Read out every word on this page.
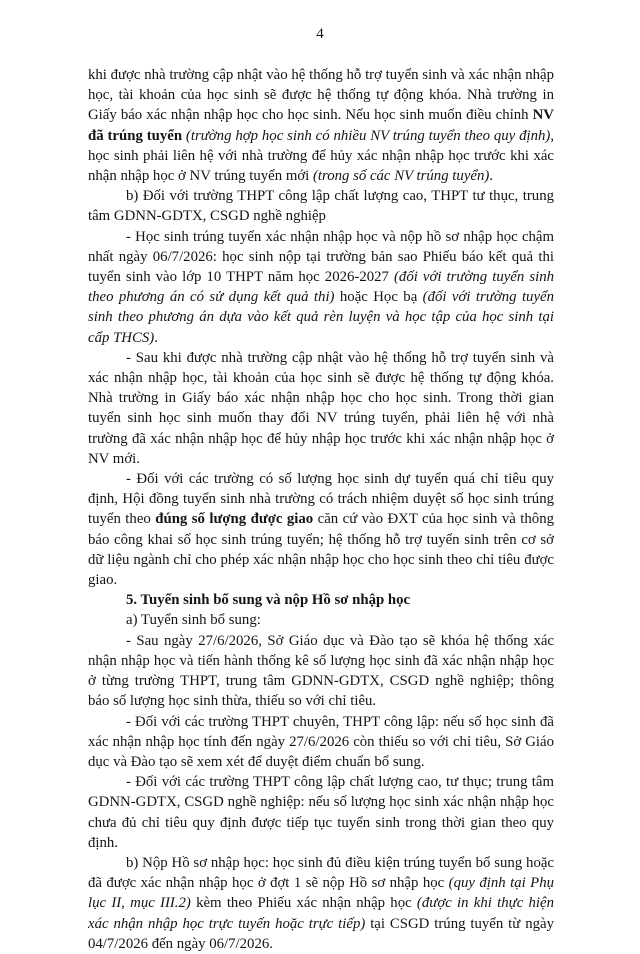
4

khi được nhà trường cập nhật vào hệ thống hỗ trợ tuyển sinh và xác nhận nhập học, tài khoản của học sinh sẽ được hệ thống tự động khóa. Nhà trường in Giấy báo xác nhận nhập học cho học sinh. Nếu học sinh muốn điều chỉnh NV đã trúng tuyển (trường hợp học sinh có nhiều NV trúng tuyển theo quy định), học sinh phải liên hệ với nhà trường để hủy xác nhận nhập học trước khi xác nhận nhập học ở NV trúng tuyển mới (trong số các NV trúng tuyển).

b) Đối với trường THPT công lập chất lượng cao, THPT tư thục, trung tâm GDNN-GDTX, CSGD nghề nghiệp

- Học sinh trúng tuyển xác nhận nhập học và nộp hồ sơ nhập học chậm nhất ngày 06/7/2026: học sinh nộp tại trường bản sao Phiếu báo kết quả thi tuyển sinh vào lớp 10 THPT năm học 2026-2027 (đối với trường tuyển sinh theo phương án có sử dụng kết quả thi) hoặc Học bạ (đối với trường tuyển sinh theo phương án dựa vào kết quả rèn luyện và học tập của học sinh tại cấp THCS).

- Sau khi được nhà trường cập nhật vào hệ thống hỗ trợ tuyển sinh và xác nhận nhập học, tài khoản của học sinh sẽ được hệ thống tự động khóa. Nhà trường in Giấy báo xác nhận nhập học cho học sinh. Trong thời gian tuyển sinh học sinh muốn thay đổi NV trúng tuyển, phải liên hệ với nhà trường đã xác nhận nhập học để hủy nhập học trước khi xác nhận nhập học ở NV mới.

- Đối với các trường có số lượng học sinh dự tuyển quá chỉ tiêu quy định, Hội đồng tuyển sinh nhà trường có trách nhiệm duyệt số học sinh trúng tuyển theo đúng số lượng được giao căn cứ vào ĐXT của học sinh và thông báo công khai số học sinh trúng tuyển; hệ thống hỗ trợ tuyển sinh trên cơ sở dữ liệu ngành chỉ cho phép xác nhận nhập học cho học sinh theo chỉ tiêu được giao.

5. Tuyển sinh bổ sung và nộp Hồ sơ nhập học

a) Tuyển sinh bổ sung:

- Sau ngày 27/6/2026, Sở Giáo dục và Đào tạo sẽ khóa hệ thống xác nhận nhập học và tiến hành thống kê số lượng học sinh đã xác nhận nhập học ở từng trường THPT, trung tâm GDNN-GDTX, CSGD nghề nghiệp; thông báo số lượng học sinh thừa, thiếu so với chỉ tiêu.

- Đối với các trường THPT chuyên, THPT công lập: nếu số học sinh đã xác nhận nhập học tính đến ngày 27/6/2026 còn thiếu so với chỉ tiêu, Sở Giáo dục và Đào tạo sẽ xem xét để duyệt điểm chuẩn bổ sung.

- Đối với các trường THPT công lập chất lượng cao, tư thục; trung tâm GDNN-GDTX, CSGD nghề nghiệp: nếu số lượng học sinh xác nhận nhập học chưa đủ chỉ tiêu quy định được tiếp tục tuyển sinh trong thời gian theo quy định.

b) Nộp Hồ sơ nhập học: học sinh đủ điều kiện trúng tuyển bổ sung hoặc đã được xác nhận nhập học ở đợt 1 sẽ nộp Hồ sơ nhập học (quy định tại Phụ lục II, mục III.2) kèm theo Phiếu xác nhận nhập học (được in khi thực hiện xác nhận nhập học trực tuyến hoặc trực tiếp) tại CSGD trúng tuyển từ ngày 04/7/2026 đến ngày 06/7/2026.
